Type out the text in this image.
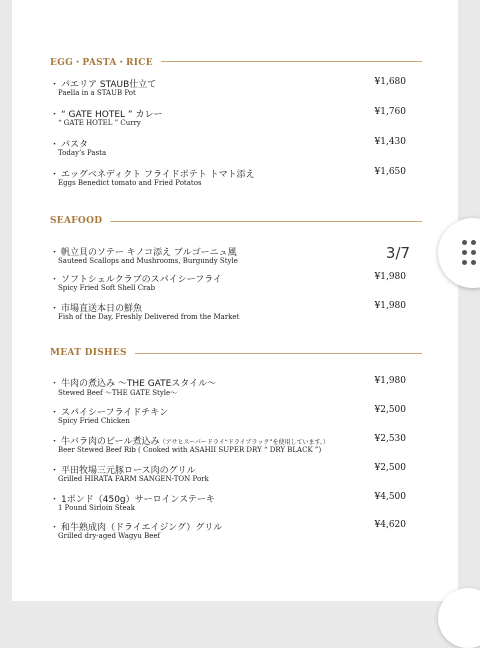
EGG・PASTA・RICE
・ パエリア STAUB仕立て
Paella in a STAUB Pot
¥1,680
・ “ GATE HOTEL ” カレー
“ GATE HOTEL ” Curry
¥1,760
・ パスタ
Today’s Pasta
¥1,430
・ エッグベネディクト フライドポテト トマト添え
Eggs Benedict tomato and Fried Potatos
¥1,650
SEAFOOD
・ 帆立貝のソテー キノコ添え ブルゴーニュ風
Sauteed Scallops and Mushrooms, Burgundy Style
・ ソフトシェルクラブのスパイシーフライ
Spicy Fried Soft Shell Crab
¥1,980
・ 市場直送本日の鮮魚
Fish of the Day, Freshly Delivered from the Market
¥1,980
MEAT DISHES
・ 牛肉の煮込み 〜THE GATEスタイル〜
Stewed Beef 〜THE GATE Style〜
¥1,980
・ スパイシーフライドチキン
Spicy Fried Chicken
¥2,500
・ 牛バラ肉のビール煮込み（アサヒスーパードライ“ドライブラック”を使用しています。）
Beer Stewed Beef Rib ( Cooked with ASAHII SUPER DRY “ DRY BLACK ”)
¥2,530
・ 平田牧場三元豚ロース肉のグリル
Grilled HIRATA FARM SANGEN-TON Pork
¥2,500
・ 1ポンド（450g）サーロインステーキ
1 Pound Sirloin Steak
¥4,500
・ 和牛熟成肉（ドライエイジング）グリル
Grilled dry-aged Wagyu Beef
¥4,620
3/7
